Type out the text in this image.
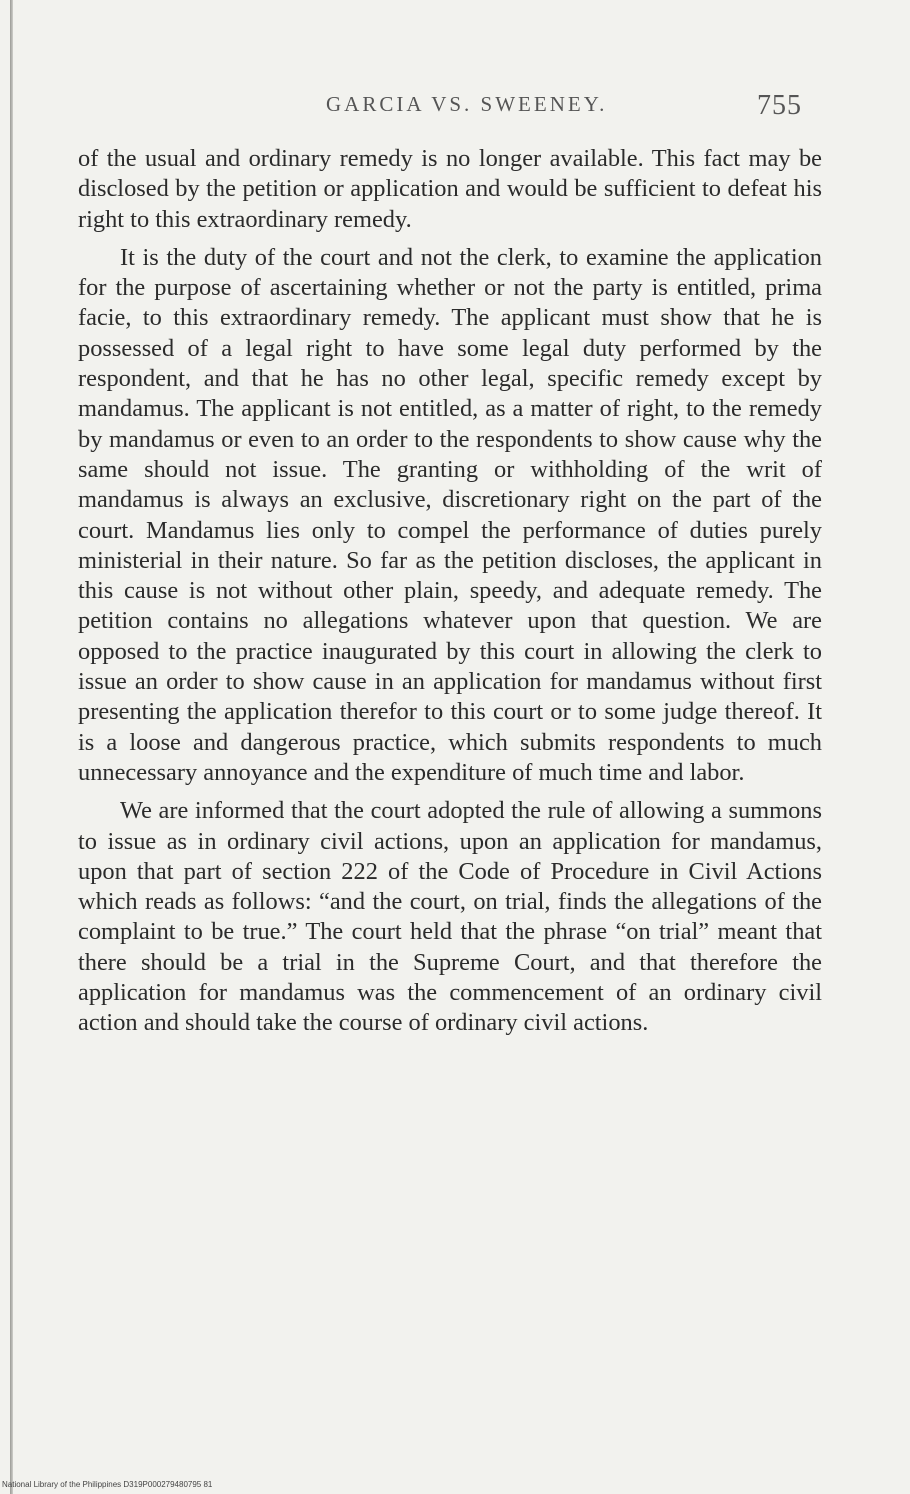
GARCIA VS. SWEENEY.	755

of the usual and ordinary remedy is no longer available. This fact may be disclosed by the petition or application and would be sufficient to defeat his right to this extraordinary remedy.

It is the duty of the court and not the clerk, to examine the application for the purpose of ascertaining whether or not the party is entitled, prima facie, to this extraordinary remedy. The applicant must show that he is possessed of a legal right to have some legal duty performed by the respondent, and that he has no other legal, specific remedy except by mandamus. The applicant is not entitled, as a matter of right, to the remedy by mandamus or even to an order to the respondents to show cause why the same should not issue. The granting or withholding of the writ of mandamus is always an exclusive, discretionary right on the part of the court. Mandamus lies only to compel the performance of duties purely ministerial in their nature. So far as the petition discloses, the applicant in this cause is not without other plain, speedy, and adequate remedy. The petition contains no allegations whatever upon that question. We are opposed to the practice inaugurated by this court in allowing the clerk to issue an order to show cause in an application for mandamus without first presenting the application therefor to this court or to some judge thereof. It is a loose and dangerous practice, which submits respondents to much unnecessary annoyance and the expenditure of much time and labor.

We are informed that the court adopted the rule of allowing a summons to issue as in ordinary civil actions, upon an application for mandamus, upon that part of section 222 of the Code of Procedure in Civil Actions which reads as follows: “and the court, on trial, finds the allegations of the complaint to be true.” The court held that the phrase “on trial” meant that there should be a trial in the Supreme Court, and that therefore the application for mandamus was the commencement of an ordinary civil action and should take the course of ordinary civil actions.

National Library of the Philippines D319P000279480795 81
